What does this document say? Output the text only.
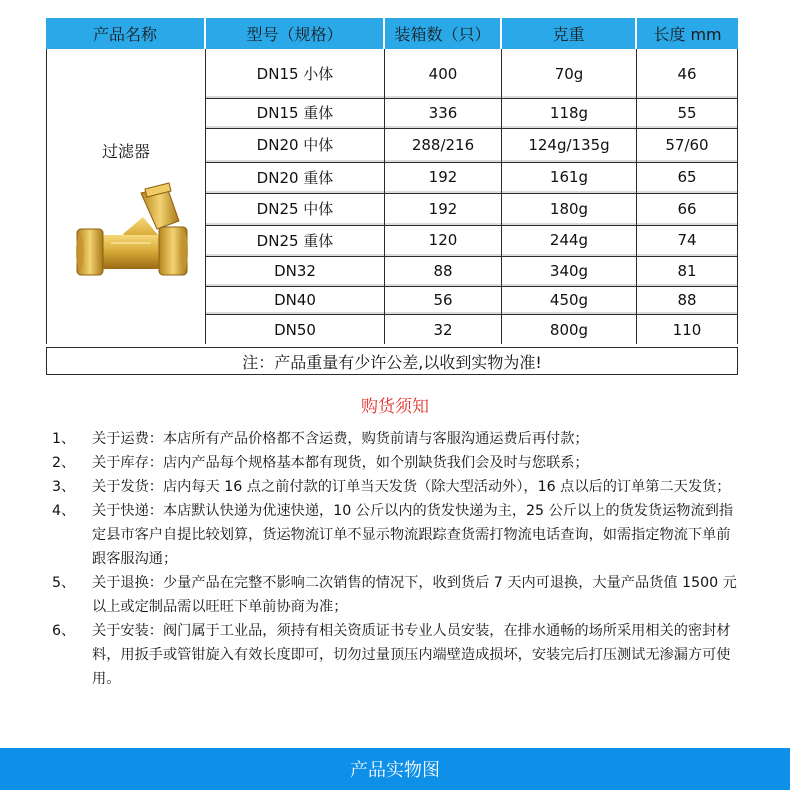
产品名称	型号（规格）	装箱数（只）	克重	长度 mm
过滤器
DN15 小体	400	70g	46
DN15 重体	336	118g	55
DN20 中体	288/216	124g/135g	57/60
DN20 重体	192	161g	65
DN25 中体	192	180g	66
DN25 重体	120	244g	74
DN32	88	340g	81
DN40	56	450g	88
DN50	32	800g	110
注：产品重量有少许公差,以收到实物为准!
购货须知
1、	关于运费：本店所有产品价格都不含运费，购货前请与客服沟通运费后再付款；
2、	关于库存：店内产品每个规格基本都有现货，如个别缺货我们会及时与您联系；
3、	关于发货：店内每天 16 点之前付款的订单当天发货（除大型活动外），16 点以后的订单第二天发货；
4、	关于快递：本店默认快递为优速快递，10 公斤以内的货发快递为主，25 公斤以上的货发货运物流到指定县市客户自提比较划算，货运物流订单不显示物流跟踪查货需打物流电话查询，如需指定物流下单前跟客服沟通；
5、	关于退换：少量产品在完整不影响二次销售的情况下，收到货后 7 天内可退换，大量产品货值 1500 元以上或定制品需以旺旺下单前协商为准；
6、	关于安装：阀门属于工业品，须持有相关资质证书专业人员安装，在排水通畅的场所采用相关的密封材料，用扳手或管钳旋入有效长度即可，切勿过量顶压内端壁造成损坏，安装完后打压测试无渗漏方可使用。
产品实物图
